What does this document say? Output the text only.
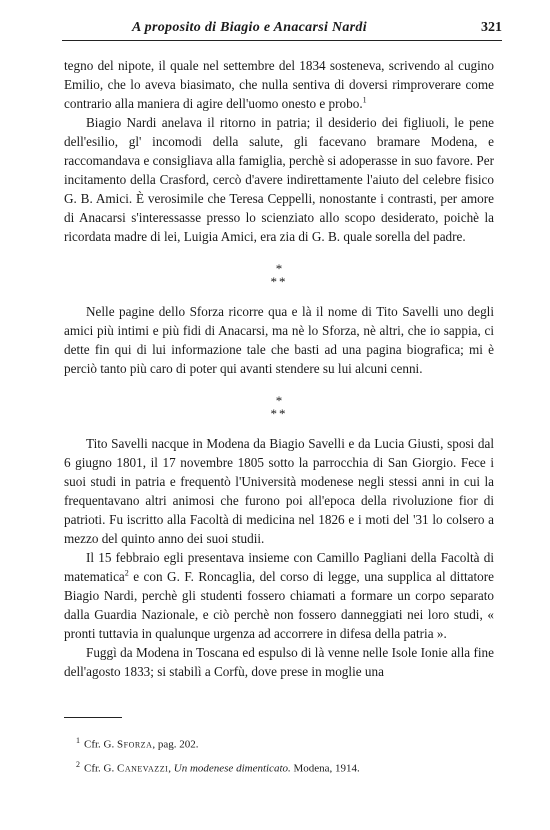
A proposito di Biagio e Anacarsi Nardi	321

tegno del nipote, il quale nel settembre del 1834 sosteneva, scrivendo al cugino Emilio, che lo aveva biasimato, che nulla sentiva di doversi rimproverare come contrario alla maniera di agire dell'uomo onesto e probo.$^1$

Biagio Nardi anelava il ritorno in patria; il desiderio dei figliuoli, le pene dell'esilio, gl' incomodi della salute, gli facevano bramare Modena, e raccomandava e consigliava alla famiglia, perchè si adoperasse in suo favore. Per incitamento della Crasford, cercò d'avere indirettamente l'aiuto del celebre fisico G. B. Amici. È verosimile che Teresa Ceppelli, nonostante i contrasti, per amore di Anacarsi s'interessasse presso lo scienziato allo scopo desiderato, poichè la ricordata madre di lei, Luigia Amici, era zia di G. B. quale sorella del padre.

*
**

Nelle pagine dello Sforza ricorre qua e là il nome di Tito Savelli uno degli amici più intimi e più fidi di Anacarsi, ma nè lo Sforza, nè altri, che io sappia, ci dette fin qui di lui informazione tale che basti ad una pagina biografica; mi è perciò tanto più caro di poter qui avanti stendere su lui alcuni cenni.

*
**

Tito Savelli nacque in Modena da Biagio Savelli e da Lucia Giusti, sposi dal 6 giugno 1801, il 17 novembre 1805 sotto la parrocchia di San Giorgio. Fece i suoi studi in patria e frequentò l'Università modenese negli stessi anni in cui la frequentavano altri animosi che furono poi all'epoca della rivoluzione fior di patrioti. Fu iscritto alla Facoltà di medicina nel 1826 e i moti del '31 lo colsero a mezzo del quinto anno dei suoi studii.

Il 15 febbraio egli presentava insieme con Camillo Pagliani della Facoltà di matematica$^2$ e con G. F. Roncaglia, del corso di legge, una supplica al dittatore Biagio Nardi, perchè gli studenti fossero chiamati a formare un corpo separato dalla Guardia Nazionale, e ciò perchè non fossero danneggiati nei loro studi, « pronti tuttavia in qualunque urgenza ad accorrere in difesa della patria ».

Fuggì da Modena in Toscana ed espulso di là venne nelle Isole Ionie alla fine dell'agosto 1833; si stabilì a Corfù, dove prese in moglie una

$^1$ Cfr. G. Sforza, pag. 202.

$^2$ Cfr. G. Canevazzi, Un modenese dimenticato. Modena, 1914.
